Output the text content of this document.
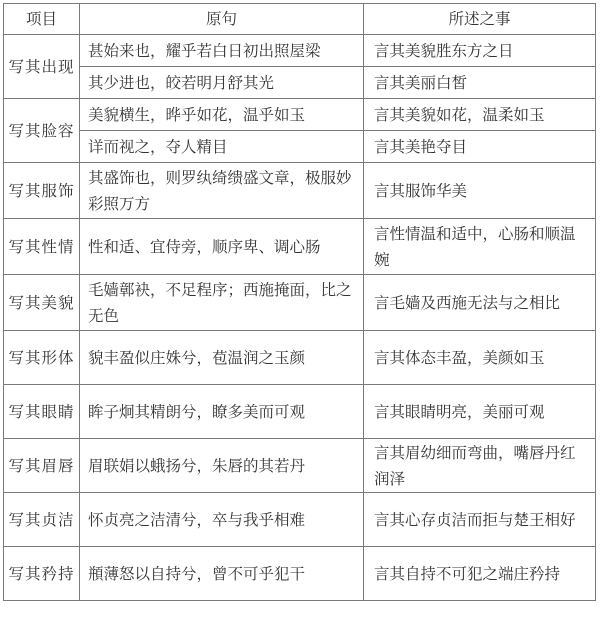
项目	原句	所述之事
写其出现	甚始来也，耀乎若白日初出照屋梁	言其美貌胜东方之日
	其少进也，皎若明月舒其光	言其美丽白皙
写其脸容	美貌横生，晔乎如花，温乎如玉	言其美貌如花，温柔如玉
	详而视之，夺人精目	言其美艳夺目
写其服饰	其盛饰也，则罗纨绮缋盛文章，极服妙彩照万方	言其服饰华美
写其性情	性和适、宜侍旁，顺序卑、调心肠	言性情温和适中，心肠和顺温婉
写其美貌	毛嫱鄣袂，不足程序；西施掩面，比之无色	言毛嫱及西施无法与之相比
写其形体	貌丰盈似庄姝兮，苞温润之玉颜	言其体态丰盈，美颜如玉
写其眼睛	眸子炯其精朗兮，瞭多美而可观	言其眼睛明亮，美丽可观
写其眉唇	眉联娟以蛾扬兮，朱唇的其若丹	言其眉幼细而弯曲，嘴唇丹红润泽
写其贞洁	怀贞亮之洁清兮，卒与我乎相难	言其心存贞洁而拒与楚王相好
写其矜持	頩薄怒以自持兮，曾不可乎犯干	言其自持不可犯之端庄矜持
